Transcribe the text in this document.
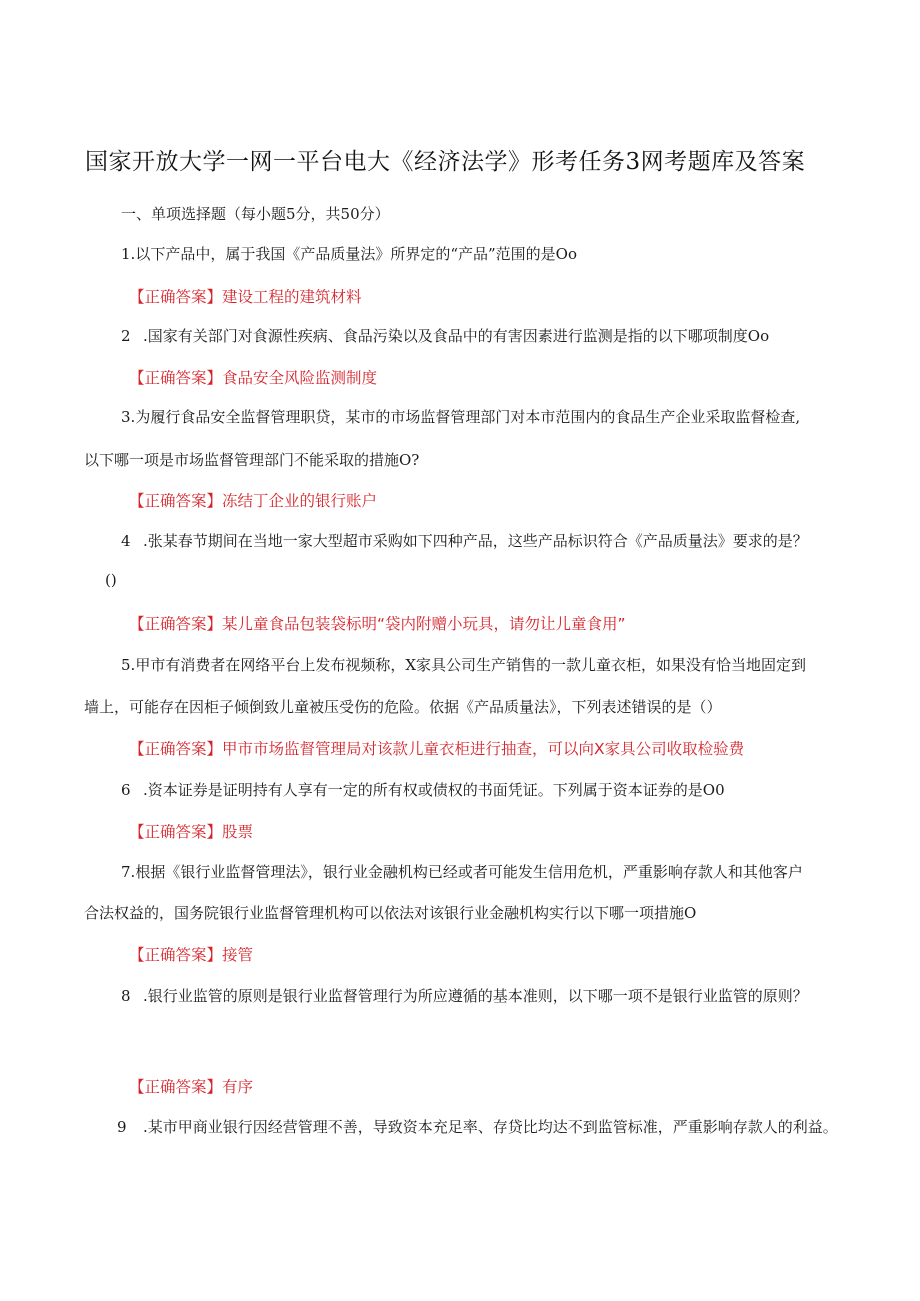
国家开放大学一网一平台电大《经济法学》形考任务3网考题库及答案
一、单项选择题（每小题5分，共50分）
1.以下产品中，属于我国《产品质量法》所界定的“产品”范围的是Oo
【正确答案】建设工程的建筑材料
2 .国家有关部门对食源性疾病、食品污染以及食品中的有害因素进行监测是指的以下哪项制度Oo
【正确答案】食品安全风险监测制度
3.为履行食品安全监督管理职贷，某市的市场监督管理部门对本市范围内的食品生产企业采取监督检查,
以下哪一项是市场监督管理部门不能采取的措施O?
【正确答案】冻结丁企业的银行账户
4 .张某春节期间在当地一家大型超市采购如下四种产品，这些产品标识符合《产品质量法》要求的是？
()
【正确答案】某儿童食品包装袋标明“袋内附赠小玩具，请勿让儿童食用”
5.甲市有消费者在网络平台上发布视频称，X家具公司生产销售的一款儿童衣柜，如果没有恰当地固定到
墙上，可能存在因柜子倾倒致儿童被压受伤的危险。依据《产品质量法》，下列表述错误的是（）
【正确答案】甲市市场监督管理局对该款儿童衣柜进行抽查，可以向X家具公司收取检验费
6 .资本证券是证明持有人享有一定的所有权或债权的书面凭证。下列属于资本证券的是O0
【正确答案】股票
7.根据《银行业监督管理法》，银行业金融机构已经或者可能发生信用危机，严重影响存款人和其他客户
合法权益的，国务院银行业监督管理机构可以依法对该银行业金融机构实行以下哪一项措施O
【正确答案】接管
8 .银行业监管的原则是银行业监督管理行为所应遵循的基本准则，以下哪一项不是银行业监管的原则？
【正确答案】有序
9 .某市甲商业银行因经营管理不善，导致资本充足率、存贷比均达不到监管标准，严重影响存款人的利益。
